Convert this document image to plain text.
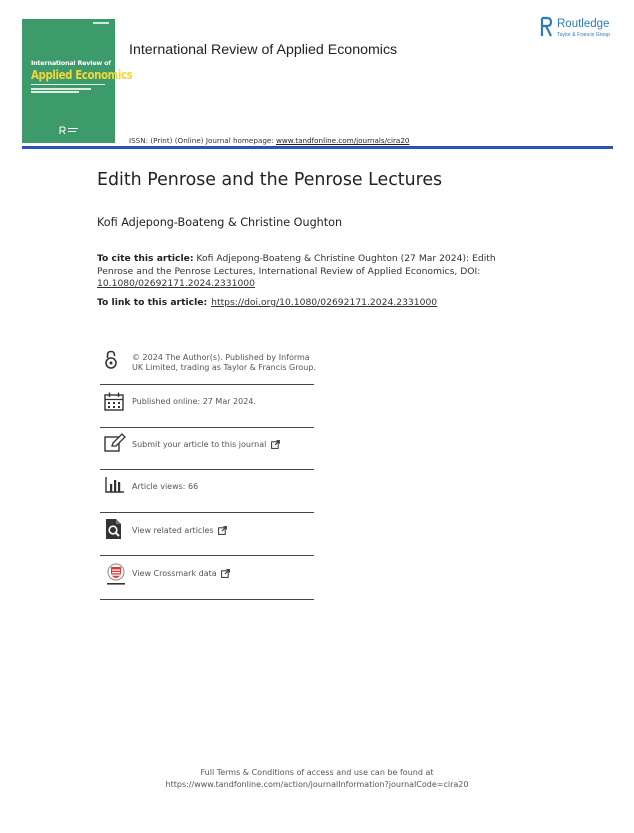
International Review of
Applied Economics
International Review of Applied Economics
Routledge
Taylor & Francis Group
ISSN: (Print) (Online) Journal homepage: www.tandfonline.com/journals/cira20
Edith Penrose and the Penrose Lectures
Kofi Adjepong-Boateng & Christine Oughton
To cite this article: Kofi Adjepong-Boateng & Christine Oughton (27 Mar 2024): Edith Penrose and the Penrose Lectures, International Review of Applied Economics, DOI: 10.1080/02692171.2024.2331000
To link to this article: https://doi.org/10.1080/02692171.2024.2331000
© 2024 The Author(s). Published by Informa UK Limited, trading as Taylor & Francis Group.
Published online: 27 Mar 2024.
Submit your article to this journal
Article views: 66
View related articles
View Crossmark data
Full Terms & Conditions of access and use can be found at
https://www.tandfonline.com/action/journalInformation?journalCode=cira20
